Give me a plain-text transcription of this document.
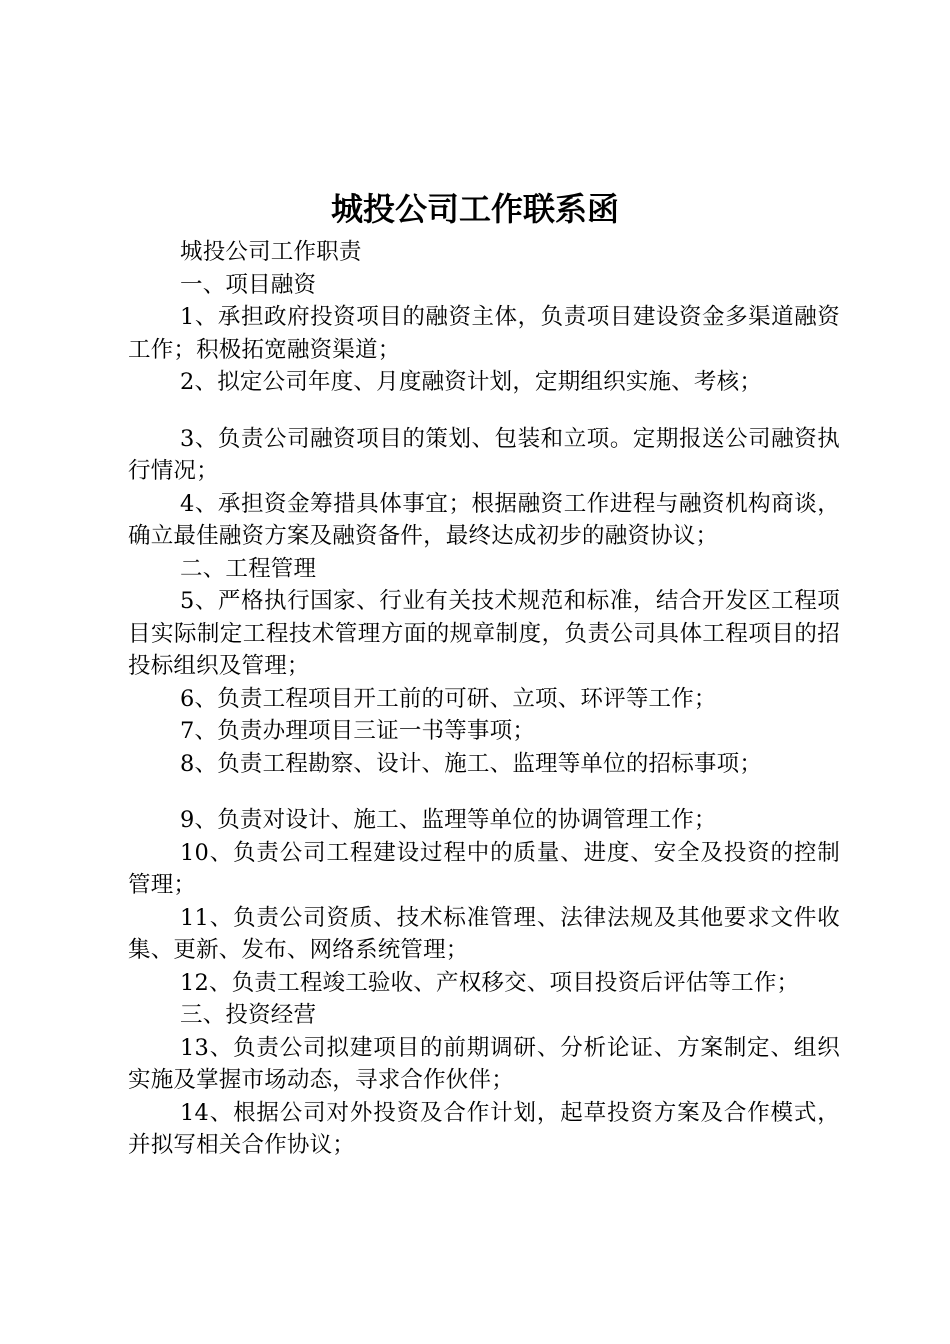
城投公司工作联系函

城投公司工作职责

一、项目融资

1、承担政府投资项目的融资主体，负责项目建设资金多渠道融资工作；积极拓宽融资渠道；

2、拟定公司年度、月度融资计划，定期组织实施、考核；

3、负责公司融资项目的策划、包装和立项。定期报送公司融资执行情况；

4、承担资金筹措具体事宜；根据融资工作进程与融资机构商谈，确立最佳融资方案及融资备件，最终达成初步的融资协议；

二、工程管理

5、严格执行国家、行业有关技术规范和标准，结合开发区工程项目实际制定工程技术管理方面的规章制度，负责公司具体工程项目的招投标组织及管理；

6、负责工程项目开工前的可研、立项、环评等工作；

7、负责办理项目三证一书等事项；

8、负责工程勘察、设计、施工、监理等单位的招标事项；

9、负责对设计、施工、监理等单位的协调管理工作；

10、负责公司工程建设过程中的质量、进度、安全及投资的控制管理；

11、负责公司资质、技术标准管理、法律法规及其他要求文件收集、更新、发布、网络系统管理；

12、负责工程竣工验收、产权移交、项目投资后评估等工作；

三、投资经营

13、负责公司拟建项目的前期调研、分析论证、方案制定、组织实施及掌握市场动态，寻求合作伙伴；

14、根据公司对外投资及合作计划，起草投资方案及合作模式，并拟写相关合作协议；
